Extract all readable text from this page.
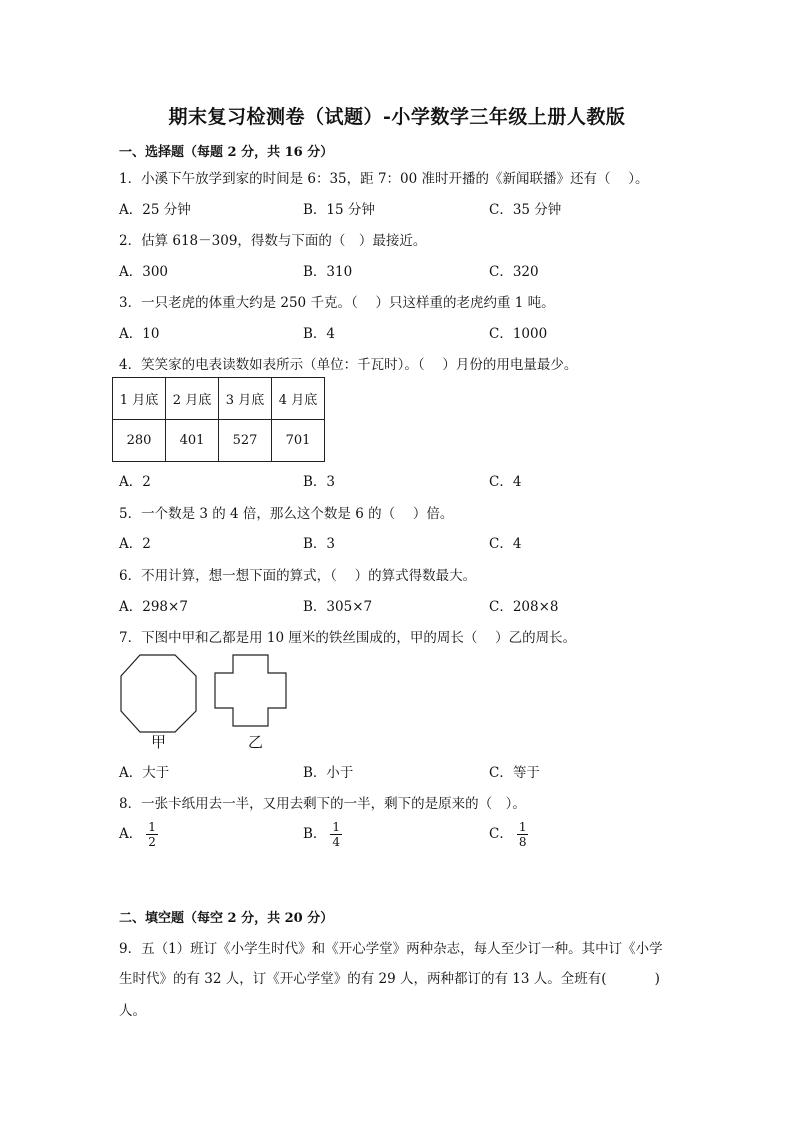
期末复习检测卷（试题）-小学数学三年级上册人教版
一、选择题（每题 2 分，共 16 分）
1．小溪下午放学到家的时间是 6：35，距 7：00 准时开播的《新闻联播》还有（　 ）。
A．25 分钟	B．15 分钟	C．35 分钟
2．估算 618－309，得数与下面的（　）最接近。
A．300	B．310	C．320
3．一只老虎的体重大约是 250 千克。（　 ）只这样重的老虎约重 1 吨。
A．10	B．4	C．1000
4．笑笑家的电表读数如表所示（单位：千瓦时）。（　 ）月份的用电量最少。
1 月底	2 月底	3 月底	4 月底
280	401	527	701
A．2	B．3	C．4
5．一个数是 3 的 4 倍，那么这个数是 6 的（　 ）倍。
A．2	B．3	C．4
6．不用计算，想一想下面的算式，（　 ）的算式得数最大。
A．298×7	B．305×7	C．208×8
7．下图中甲和乙都是用 10 厘米的铁丝围成的，甲的周长（　 ）乙的周长。
甲	乙
A．大于	B．小于	C．等于
8．一张卡纸用去一半，又用去剩下的一半，剩下的是原来的（　）。
A． $\frac{1}{2}$	B． $\frac{1}{4}$	C． $\frac{1}{8}$
二、填空题（每空 2 分，共 20 分）
9．五（1）班订《小学生时代》和《开心学堂》两种杂志，每人至少订一种。其中订《小学
生时代》的有 32 人，订《开心学堂》的有 29 人，两种都订的有 13 人。全班有(	)
人。
